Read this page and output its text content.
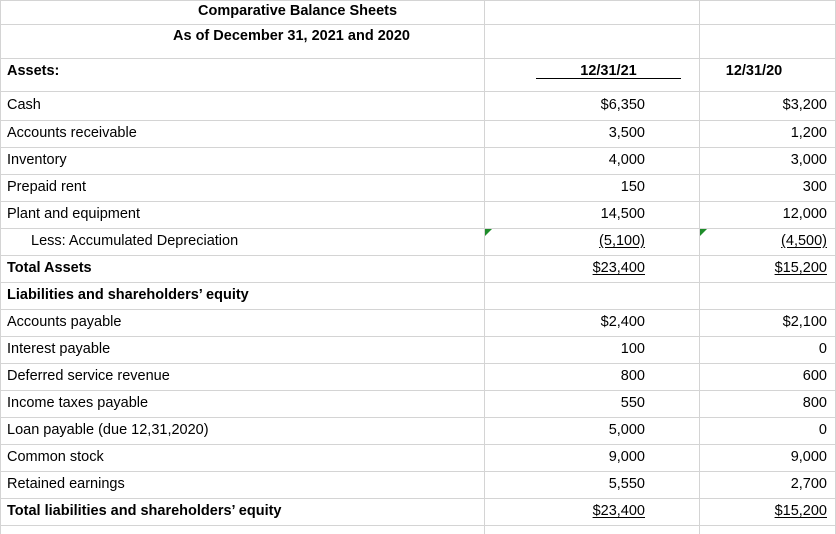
Comparative Balance Sheets
As of December 31, 2021 and 2020
Assets:	12/31/21	12/31/20
Cash	$6,350	$3,200
Accounts receivable	3,500	1,200
Inventory	4,000	3,000
Prepaid rent	150	300
Plant and equipment	14,500	12,000
Less: Accumulated Depreciation	(5,100)	(4,500)
Total Assets	$23,400	$15,200
Liabilities and shareholders’ equity
Accounts payable	$2,400	$2,100
Interest payable	100	0
Deferred service revenue	800	600
Income taxes payable	550	800
Loan payable (due 12,31,2020)	5,000	0
Common stock	9,000	9,000
Retained earnings	5,550	2,700
Total liabilities and shareholders’ equity	$23,400	$15,200
